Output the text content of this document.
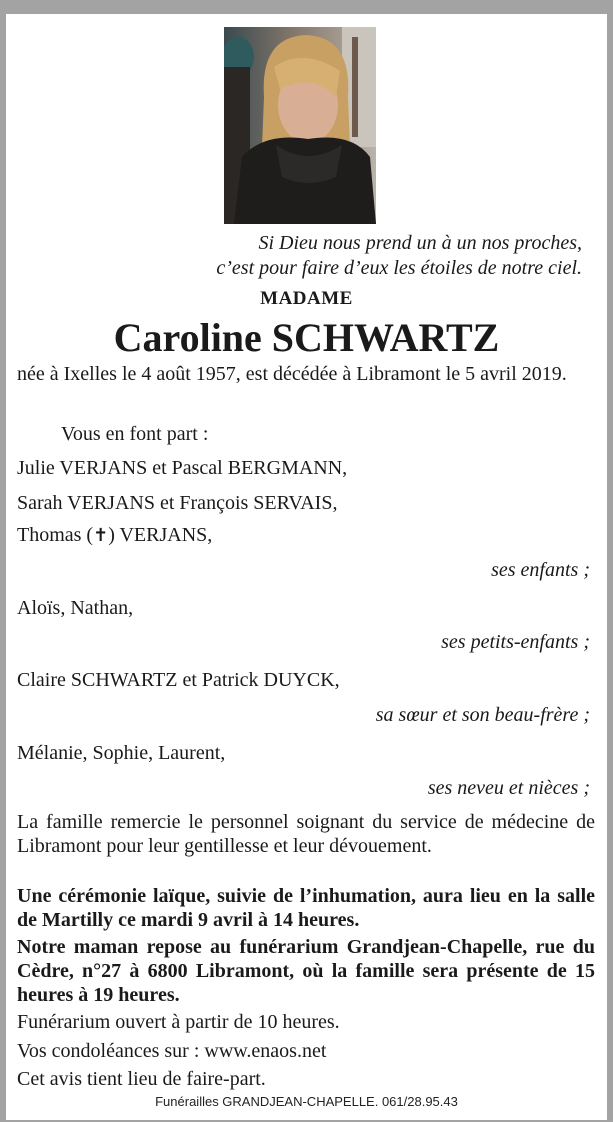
Si Dieu nous prend un à un nos proches,
c’est pour faire d’eux les étoiles de notre ciel.
MADAME
Caroline SCHWARTZ
née à Ixelles le 4 août 1957, est décédée à Libramont le 5 avril 2019.
Vous en font part :
Julie VERJANS et Pascal BERGMANN,
Sarah VERJANS et François SERVAIS,
Thomas (✝) VERJANS,
ses enfants ;
Aloïs, Nathan,
ses petits-enfants ;
Claire SCHWARTZ et Patrick DUYCK,
sa sœur et son beau-frère ;
Mélanie, Sophie, Laurent,
ses neveu et nièces ;
La famille remercie le personnel soignant du service de médecine de Libramont pour leur gentillesse et leur dévouement.
Une cérémonie laïque, suivie de l’inhumation, aura lieu en la salle de Martilly ce mardi 9 avril à 14 heures.
Notre maman repose au funérarium Grandjean-Chapelle, rue du Cèdre, n°27 à 6800 Libramont, où la famille sera présente de 15 heures à 19 heures.
Funérarium ouvert à partir de 10 heures.
Vos condoléances sur : www.enaos.net
Cet avis tient lieu de faire-part.
Funérailles GRANDJEAN-CHAPELLE. 061/28.95.43
